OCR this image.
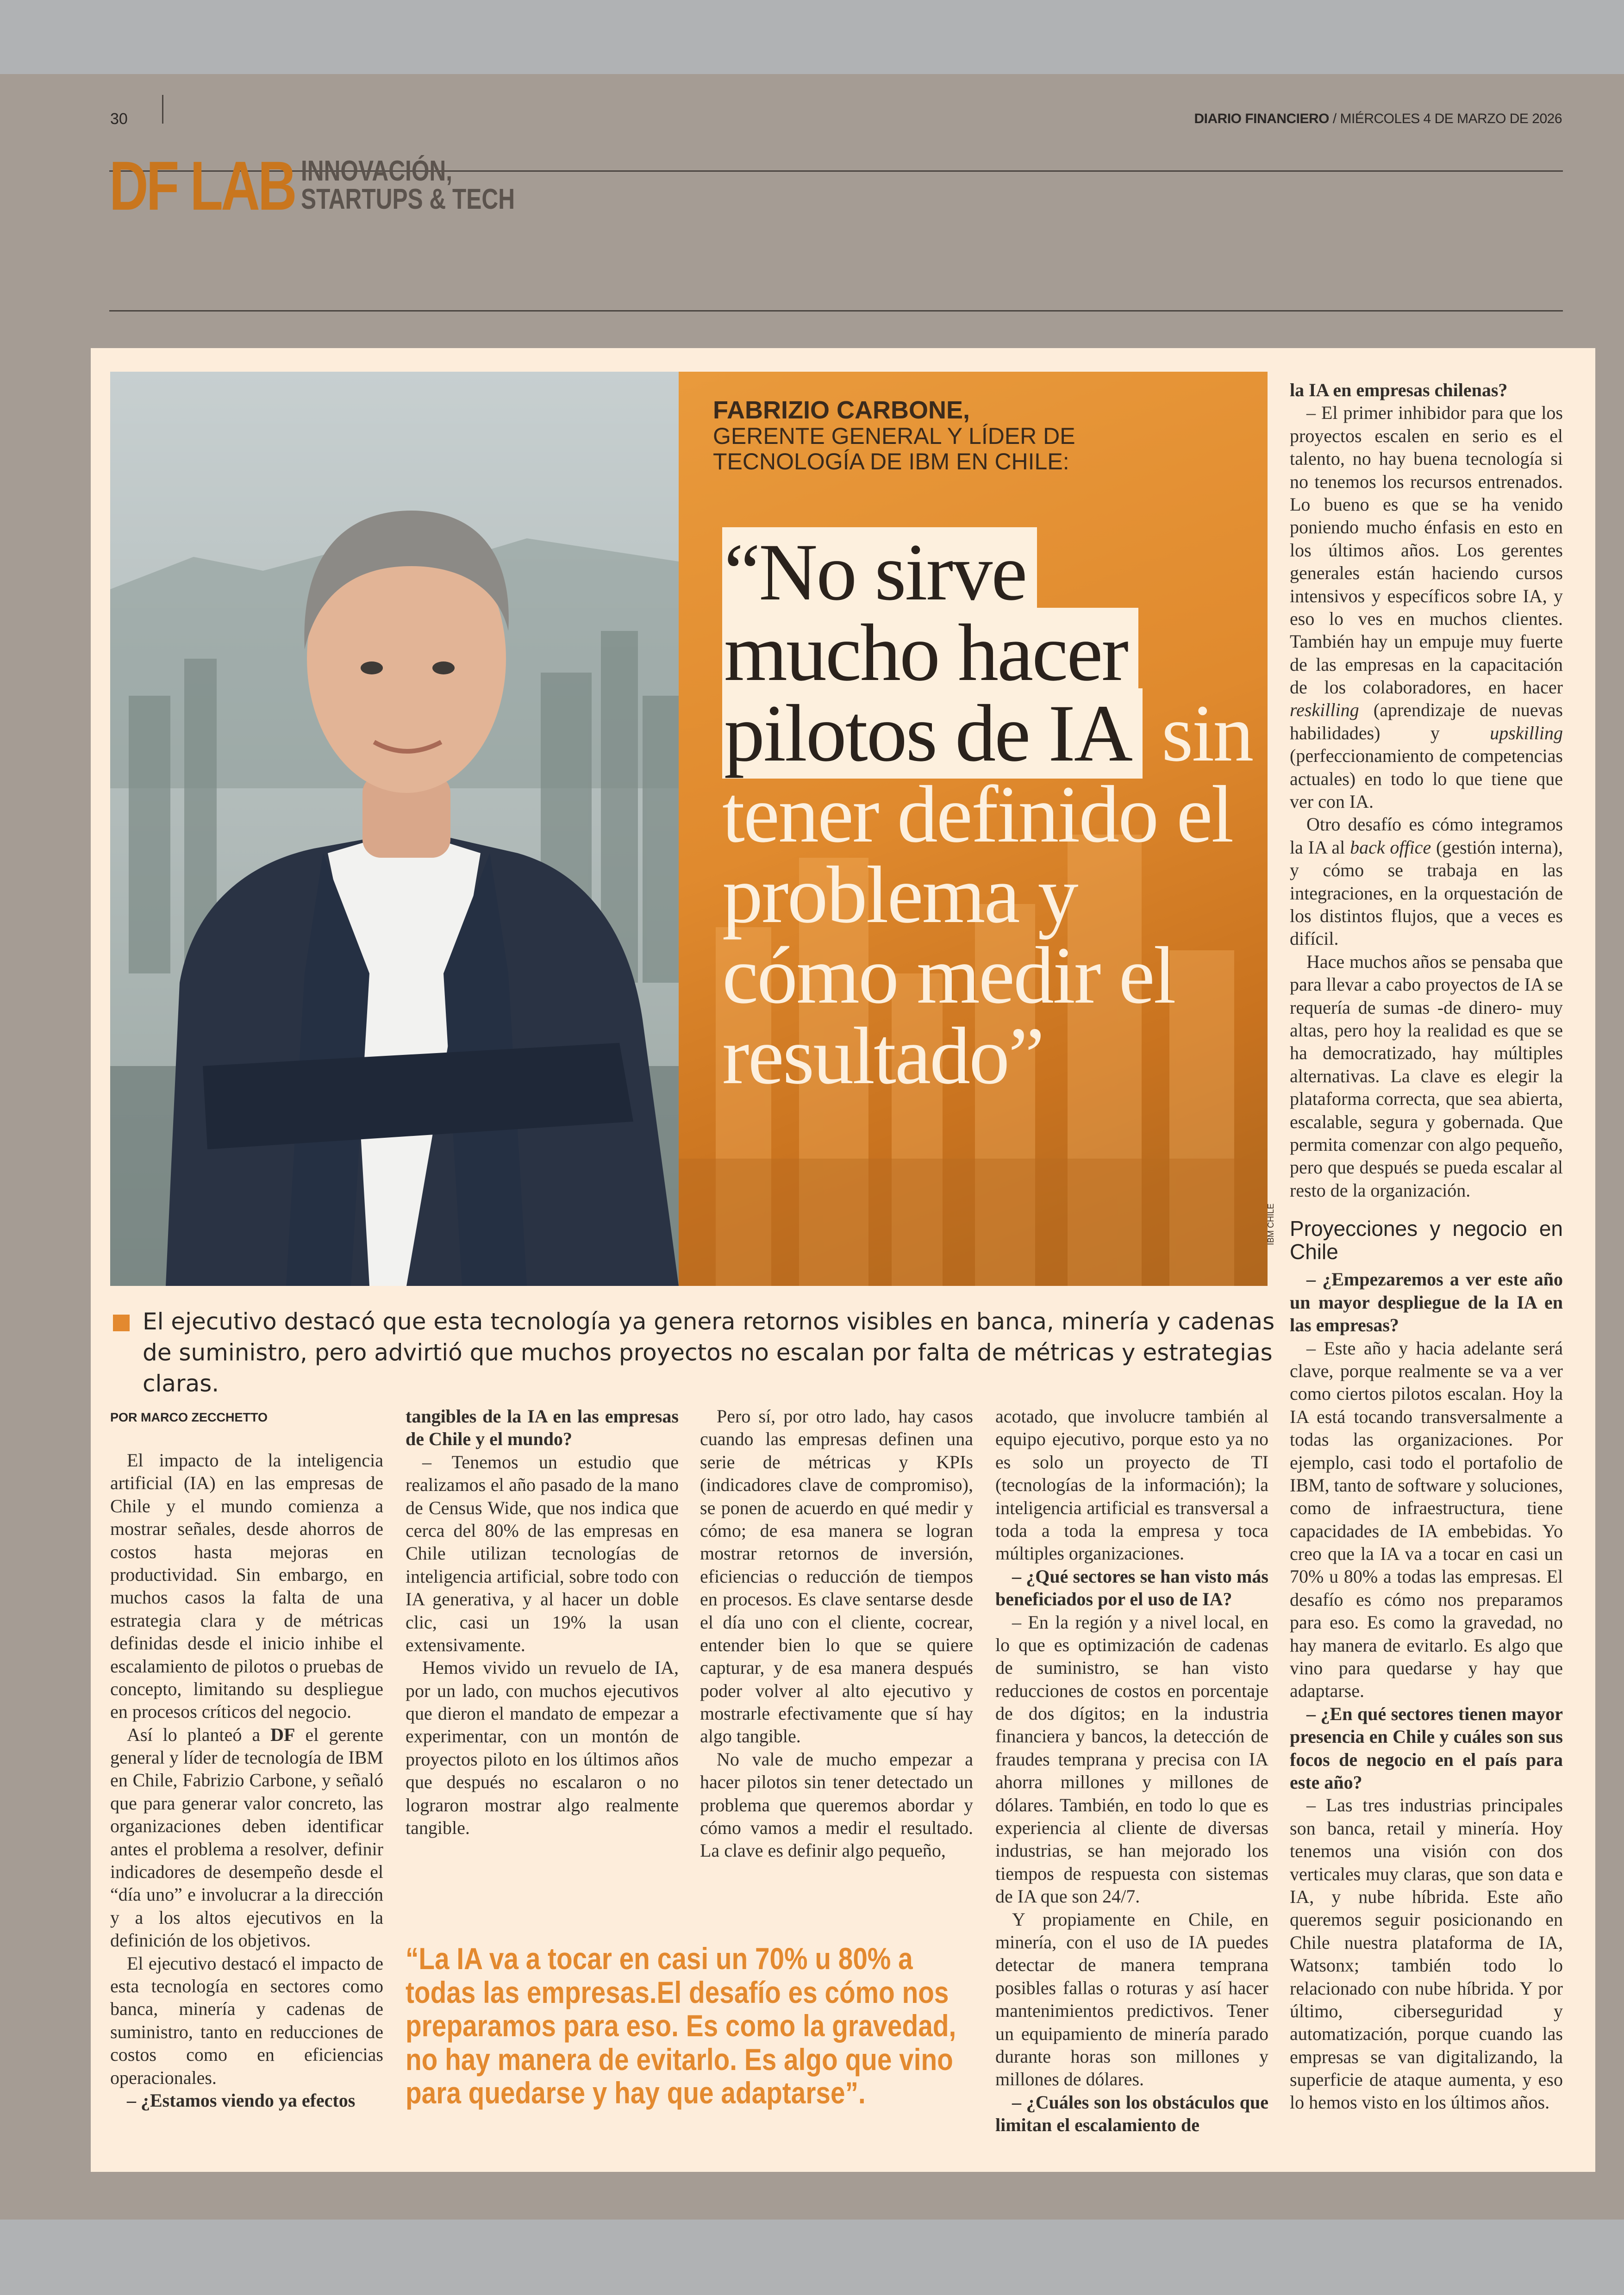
30	DIARIO FINANCIERO / MIÉRCOLES 4 DE MARZO DE 2026
DF LAB INNOVACIÓN,
STARTUPS & TECH
FABRIZIO CARBONE,
GERENTE GENERAL Y LÍDER DE TECNOLOGÍA DE IBM EN CHILE:
“No sirve mucho hacer pilotos de IA sin tener definido el problema y cómo medir el resultado”
IBM CHILE
El ejecutivo destacó que esta tecnología ya genera retornos visibles en banca, minería y cadenas de suministro, pero advirtió que muchos proyectos no escalan por falta de métricas y estrategias claras.
POR MARCO ZECCHETTO

El impacto de la inteligencia artificial (IA) en las empresas de Chile y el mundo comienza a mostrar señales, desde ahorros de costos hasta mejoras en productividad. Sin embargo, en muchos casos la falta de una estrategia clara y de métricas definidas desde el inicio inhibe el escalamiento de pilotos o pruebas de concepto, limitando su despliegue en procesos críticos del negocio.

Así lo planteó a DF el gerente general y líder de tecnología de IBM en Chile, Fabrizio Carbone, y señaló que para generar valor concreto, las organizaciones deben identificar antes el problema a resolver, definir indicadores de desempeño desde el “día uno” e involucrar a la dirección y a los altos ejecutivos en la definición de los objetivos.

El ejecutivo destacó el impacto de esta tecnología en sectores como banca, minería y cadenas de suministro, tanto en reducciones de costos como en eficiencias operacionales.

– ¿Estamos viendo ya efectos

tangibles de la IA en las empresas de Chile y el mundo?

– Tenemos un estudio que realizamos el año pasado de la mano de Census Wide, que nos indica que cerca del 80% de las empresas en Chile utilizan tecnologías de inteligencia artificial, sobre todo con IA generativa, y al hacer un doble clic, casi un 19% la usan extensivamente.

Hemos vivido un revuelo de IA, por un lado, con muchos ejecutivos que dieron el mandato de empezar a experimentar, con un montón de proyectos piloto en los últimos años que después no escalaron o no lograron mostrar algo realmente tangible.

Pero sí, por otro lado, hay casos cuando las empresas definen una serie de métricas y KPIs (indicadores clave de compromiso), se ponen de acuerdo en qué medir y cómo; de esa manera se logran mostrar retornos de inversión, eficiencias o reducción de tiempos en procesos. Es clave sentarse desde el día uno con el cliente, cocrear, entender bien lo que se quiere capturar, y de esa manera después poder volver al alto ejecutivo y mostrarle efectivamente que sí hay algo tangible.

No vale de mucho empezar a hacer pilotos sin tener detectado un problema que queremos abordar y cómo vamos a medir el resultado. La clave es definir algo pequeño,

acotado, que involucre también al equipo ejecutivo, porque esto ya no es solo un proyecto de TI (tecnologías de la información); la inteligencia artificial es transversal a toda a toda la empresa y toca múltiples organizaciones.

– ¿Qué sectores se han visto más beneficiados por el uso de IA?

– En la región y a nivel local, en lo que es optimización de cadenas de suministro, se han visto reducciones de costos en porcentaje de dos dígitos; en la industria financiera y bancos, la detección de fraudes temprana y precisa con IA ahorra millones y millones de dólares. También, en todo lo que es experiencia al cliente de diversas industrias, se han mejorado los tiempos de respuesta con sistemas de IA que son 24/7.

Y propiamente en Chile, en minería, con el uso de IA puedes detectar de manera temprana posibles fallas o roturas y así hacer mantenimientos predictivos. Tener un equipamiento de minería parado durante horas son millones y millones de dólares.

– ¿Cuáles son los obstáculos que limitan el escalamiento de

la IA en empresas chilenas?

– El primer inhibidor para que los proyectos escalen en serio es el talento, no hay buena tecnología si no tenemos los recursos entrenados. Lo bueno es que se ha venido poniendo mucho énfasis en esto en los últimos años. Los gerentes generales están haciendo cursos intensivos y específicos sobre IA, y eso lo ves en muchos clientes. También hay un empuje muy fuerte de las empresas en la capacitación de los colaboradores, en hacer reskilling (aprendizaje de nuevas habilidades) y upskilling (perfeccionamiento de competencias actuales) en todo lo que tiene que ver con IA.

Otro desafío es cómo integramos la IA al back office (gestión interna), y cómo se trabaja en las integraciones, en la orquestación de los distintos flujos, que a veces es difícil.

Hace muchos años se pensaba que para llevar a cabo proyectos de IA se requería de sumas -de dinero- muy altas, pero hoy la realidad es que se ha democratizado, hay múltiples alternativas. La clave es elegir la plataforma correcta, que sea abierta, escalable, segura y gobernada. Que permita comenzar con algo pequeño, pero que después se pueda escalar al resto de la organización.

Proyecciones y negocio en Chile

– ¿Empezaremos a ver este año un mayor despliegue de la IA en las empresas?

– Este año y hacia adelante será clave, porque realmente se va a ver como ciertos pilotos escalan. Hoy la IA está tocando transversalmente a todas las organizaciones. Por ejemplo, casi todo el portafolio de IBM, tanto de software y soluciones, como de infraestructura, tiene capacidades de IA embebidas. Yo creo que la IA va a tocar en casi un 70% u 80% a todas las empresas. El desafío es cómo nos preparamos para eso. Es como la gravedad, no hay manera de evitarlo. Es algo que vino para quedarse y hay que adaptarse.

– ¿En qué sectores tienen mayor presencia en Chile y cuáles son sus focos de negocio en el país para este año?

– Las tres industrias principales son banca, retail y minería. Hoy tenemos una visión con dos verticales muy claras, que son data e IA, y nube híbrida. Este año queremos seguir posicionando en Chile nuestra plataforma de IA, Watsonx; también todo lo relacionado con nube híbrida. Y por último, ciberseguridad y automatización, porque cuando las empresas se van digitalizando, la superficie de ataque aumenta, y eso lo hemos visto en los últimos años.

“La IA va a tocar en casi un 70% u 80% a todas las empresas.El desafío es cómo nos preparamos para eso. Es como la gravedad, no hay manera de evitarlo. Es algo que vino para quedarse y hay que adaptarse”.
